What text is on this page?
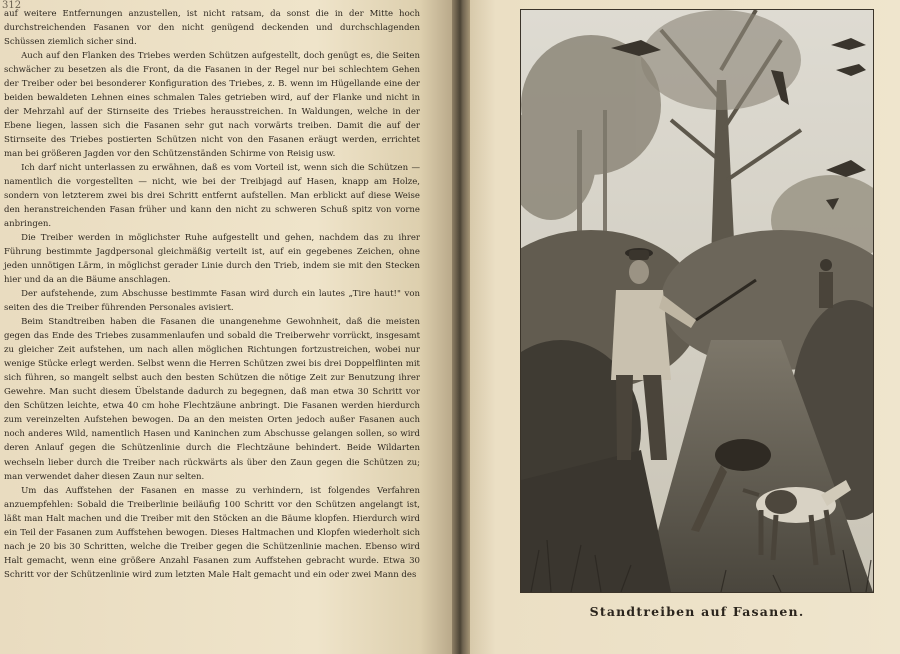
312

auf weitere Entfernungen anzustellen, ist nicht ratsam, da sonst die in der Mitte hoch durchstreichenden Fasanen vor den nicht genügend deckenden und durchschlagenden Schüssen ziemlich sicher sind.

Auch auf den Flanken des Triebes werden Schützen aufgestellt, doch genügt es, die Seiten schwächer zu besetzen als die Front, da die Fasanen in der Regel nur bei schlechtem Gehen der Treiber oder bei besonderer Konfiguration des Triebes, z. B. wenn im Hügellande eine der beiden bewaldeten Lehnen eines schmalen Tales getrieben wird, auf der Flanke und nicht in der Mehrzahl auf der Stirnseite des Triebes herausstreichen. In Waldungen, welche in der Ebene liegen, lassen sich die Fasanen sehr gut nach vorwärts treiben. Damit die auf der Stirnseite des Triebes postierten Schützen nicht von den Fasanen eräugt werden, errichtet man bei größeren Jagden vor den Schützenständen Schirme von Reisig usw.

Ich darf nicht unterlassen zu erwähnen, daß es vom Vorteil ist, wenn sich die Schützen — namentlich die vorgestellten — nicht, wie bei der Treibjagd auf Hasen, knapp am Holze, sondern von letzterem zwei bis drei Schritt entfernt aufstellen. Man erblickt auf diese Weise den heranstreichenden Fasan früher und kann den nicht zu schweren Schuß spitz von vorne anbringen.

Die Treiber werden in möglichster Ruhe aufgestellt und gehen, nachdem das zu ihrer Führung bestimmte Jagdpersonal gleichmäßig verteilt ist, auf ein gegebenes Zeichen, ohne jeden unnötigen Lärm, in möglichst gerader Linie durch den Trieb, indem sie mit den Stecken hier und da an die Bäume anschlagen.

Der aufstehende, zum Abschusse bestimmte Fasan wird durch ein lautes „Tire haut!" von seiten des die Treiber führenden Personales avisiert.

Beim Standtreiben haben die Fasanen die unangenehme Gewohnheit, daß die meisten gegen das Ende des Triebes zusammenlaufen und sobald die Treiberwehr vorrückt, insgesamt zu gleicher Zeit aufstehen, um nach allen möglichen Richtungen fortzustreichen, wobei nur wenige Stücke erlegt werden. Selbst wenn die Herren Schützen zwei bis drei Doppelflinten mit sich führen, so mangelt selbst auch den besten Schützen die nötige Zeit zur Benutzung ihrer Gewehre. Man sucht diesem Übelstande dadurch zu begegnen, daß man etwa 30 Schritt vor den Schützen leichte, etwa 40 cm hohe Flechtzäune anbringt. Die Fasanen werden hierdurch zum vereinzelten Aufstehen bewogen. Da an den meisten Orten jedoch außer Fasanen auch noch anderes Wild, namentlich Hasen und Kaninchen zum Abschusse gelangen sollen, so wird deren Anlauf gegen die Schützenlinie durch die Flechtzäune behindert. Beide Wildarten wechseln lieber durch die Treiber nach rückwärts als über den Zaun gegen die Schützen zu; man verwendet daher diesen Zaun nur selten.

Um das Auffstehen der Fasanen en masse zu verhindern, ist folgendes Verfahren anzuempfehlen: Sobald die Treiberlinie beiläufig 100 Schritt vor den Schützen angelangt ist, läßt man Halt machen und die Treiber mit den Stöcken an die Bäume klopfen. Hierdurch wird ein Teil der Fasanen zum Auffstehen bewogen. Dieses Haltmachen und Klopfen wiederholt sich nach je 20 bis 30 Schritten, welche die Treiber gegen die Schützenlinie machen. Ebenso wird Halt gemacht, wenn eine größere Anzahl Fasanen zum Auffstehen gebracht wurde. Etwa 30 Schritt vor der Schützenlinie wird zum letzten Male Halt gemacht und ein oder zwei Mann des

Standtreiben auf Fasanen.
